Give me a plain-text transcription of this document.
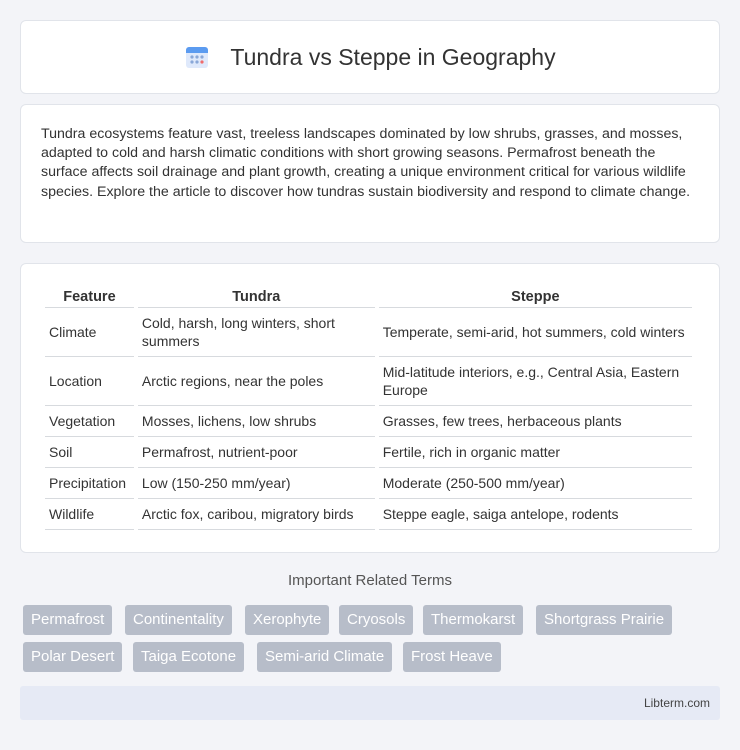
Tundra vs Steppe in Geography

Tundra ecosystems feature vast, treeless landscapes dominated by low shrubs, grasses, and mosses, adapted to cold and harsh climatic conditions with short growing seasons. Permafrost beneath the surface affects soil drainage and plant growth, creating a unique environment critical for various wildlife species. Explore the article to discover how tundras sustain biodiversity and respond to climate change.

Feature	Tundra	Steppe
Climate	Cold, harsh, long winters, short summers	Temperate, semi-arid, hot summers, cold winters
Location	Arctic regions, near the poles	Mid-latitude interiors, e.g., Central Asia, Eastern Europe
Vegetation	Mosses, lichens, low shrubs	Grasses, few trees, herbaceous plants
Soil	Permafrost, nutrient-poor	Fertile, rich in organic matter
Precipitation	Low (150-250 mm/year)	Moderate (250-500 mm/year)
Wildlife	Arctic fox, caribou, migratory birds	Steppe eagle, saiga antelope, rodents
Important Related Terms
Permafrost	Continentality	Xerophyte	Cryosols	Thermokarst	Shortgrass Prairie
Polar Desert	Taiga Ecotone	Semi-arid Climate	Frost Heave
Libterm.com
